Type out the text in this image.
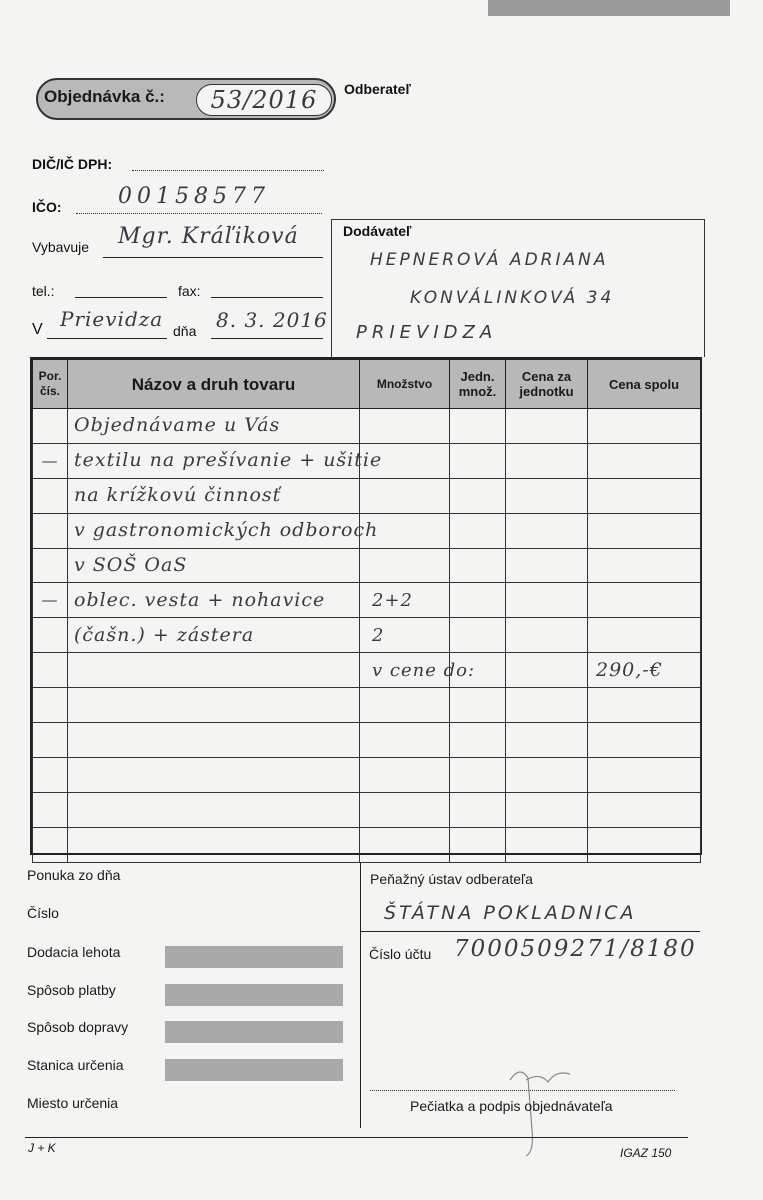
Objednávka č.:	53/2016	Odberateľ
DIČ/IČ DPH:
IČO:	00158577
Vybavuje Mgr. Kráľiková
tel.:	fax:
V Prievidza dňa 8. 3. 2016
Dodávateľ
HEPNEROVÁ ADRIANA
KONVÁLINKOVÁ 34
PRIEVIDZA
Por. čís.	Názov a druh tovaru	Množstvo	Jedn. množ.	Cena za jednotku	Cena spolu
	Objednávame u Vás				
—	textilu na prešívanie + ušitie				
	na krížkovú činnosť				
	v gastronomických odboroch				
	v SOŠ OaS				
—	oblec. vesta + nohavice	2+2			
	(čašn.) + zástera	2			
		v cene do:			290,-€

Ponuka zo dňa
Číslo
Dodacia lehota
Spôsob platby
Spôsob dopravy
Stanica určenia
Miesto určenia
Peňažný ústav odberateľa
ŠTÁTNA POKLADNICA
Číslo účtu 7000509271/8180
Pečiatka a podpis objednávateľa
J + K	IGAZ 150
